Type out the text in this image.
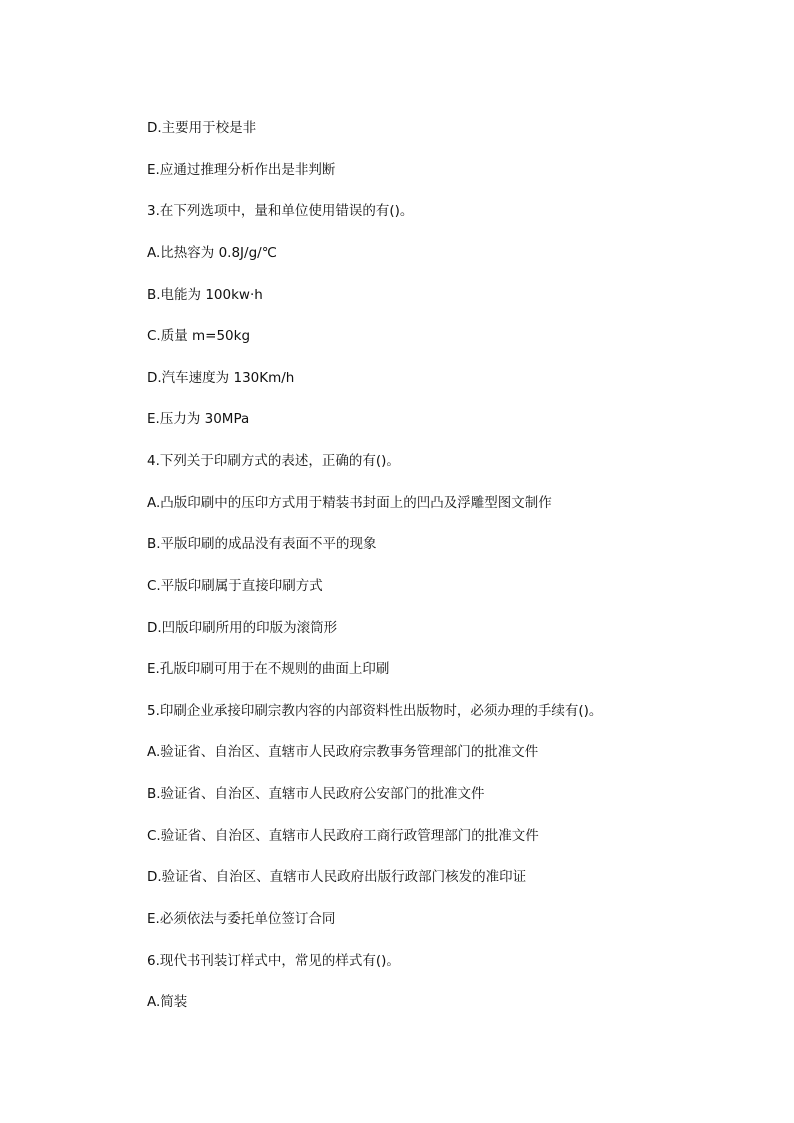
D.主要用于校是非

E.应通过推理分析作出是非判断

3.在下列选项中，量和单位使用错误的有()。

A.比热容为 0.8J/g/℃

B.电能为 100kw·h

C.质量 m=50kg

D.汽车速度为 130Km/h

E.压力为 30MPa

4.下列关于印刷方式的表述，正确的有()。

A.凸版印刷中的压印方式用于精装书封面上的凹凸及浮雕型图文制作

B.平版印刷的成品没有表面不平的现象

C.平版印刷属于直接印刷方式

D.凹版印刷所用的印版为滚筒形

E.孔版印刷可用于在不规则的曲面上印刷

5.印刷企业承接印刷宗教内容的内部资料性出版物时，必须办理的手续有()。

A.验证省、自治区、直辖市人民政府宗教事务管理部门的批准文件

B.验证省、自治区、直辖市人民政府公安部门的批准文件

C.验证省、自治区、直辖市人民政府工商行政管理部门的批准文件

D.验证省、自治区、直辖市人民政府出版行政部门核发的准印证

E.必须依法与委托单位签订合同

6.现代书刊装订样式中，常见的样式有()。

A.简装
